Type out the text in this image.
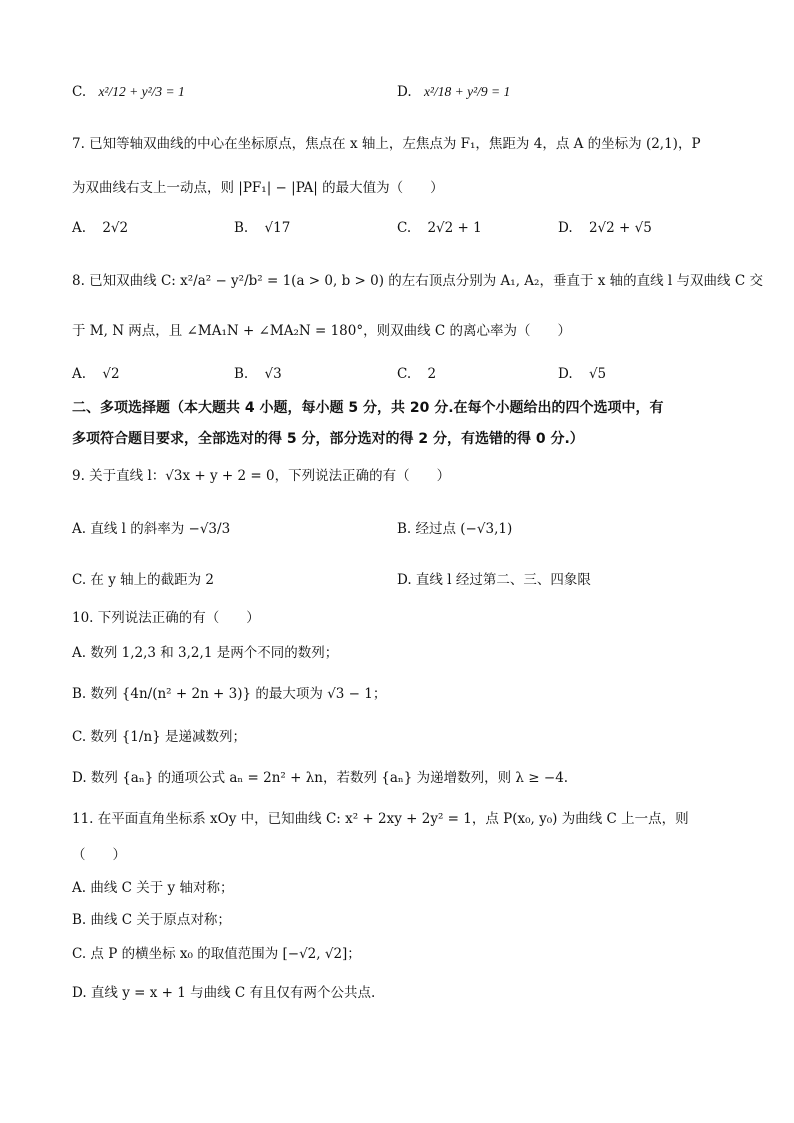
C. x²/12 + y²/3 = 1	D. x²/18 + y²/9 = 1
7. 已知等轴双曲线的中心在坐标原点，焦点在 x 轴上，左焦点为 F₁，焦距为 4，点 A 的坐标为 (2,1)，P
为双曲线右支上一动点，则 |PF₁| − |PA| 的最大值为（　　）
A. 2√2	B. √17	C. 2√2 + 1	D. 2√2 + √5
8. 已知双曲线 C: x²/a² − y²/b² = 1(a > 0, b > 0) 的左右顶点分别为 A₁, A₂，垂直于 x 轴的直线 l 与双曲线 C 交
于 M, N 两点，且 ∠MA₁N + ∠MA₂N = 180°，则双曲线 C 的离心率为（　　）
A. √2	B. √3	C. 2	D. √5
二、多项选择题（本大题共 4 小题，每小题 5 分，共 20 分.在每个小题给出的四个选项中，有
多项符合题目要求，全部选对的得 5 分，部分选对的得 2 分，有选错的得 0 分.）
9. 关于直线 l：√3x + y + 2 = 0，下列说法正确的有（　　）
A. 直线 l 的斜率为 −√3/3	B. 经过点 (−√3,1)
C. 在 y 轴上的截距为 2	D. 直线 l 经过第二、三、四象限
10. 下列说法正确的有（　　）
A. 数列 1,2,3 和 3,2,1 是两个不同的数列；
B. 数列 {4n/(n² + 2n + 3)} 的最大项为 √3 − 1；
C. 数列 {1/n} 是递减数列；
D. 数列 {aₙ} 的通项公式 aₙ = 2n² + λn，若数列 {aₙ} 为递增数列，则 λ ≥ −4.
11. 在平面直角坐标系 xOy 中，已知曲线 C: x² + 2xy + 2y² = 1，点 P(x₀, y₀) 为曲线 C 上一点，则
（　　）
A. 曲线 C 关于 y 轴对称；
B. 曲线 C 关于原点对称；
C. 点 P 的横坐标 x₀ 的取值范围为 [−√2, √2]；
D. 直线 y = x + 1 与曲线 C 有且仅有两个公共点.
